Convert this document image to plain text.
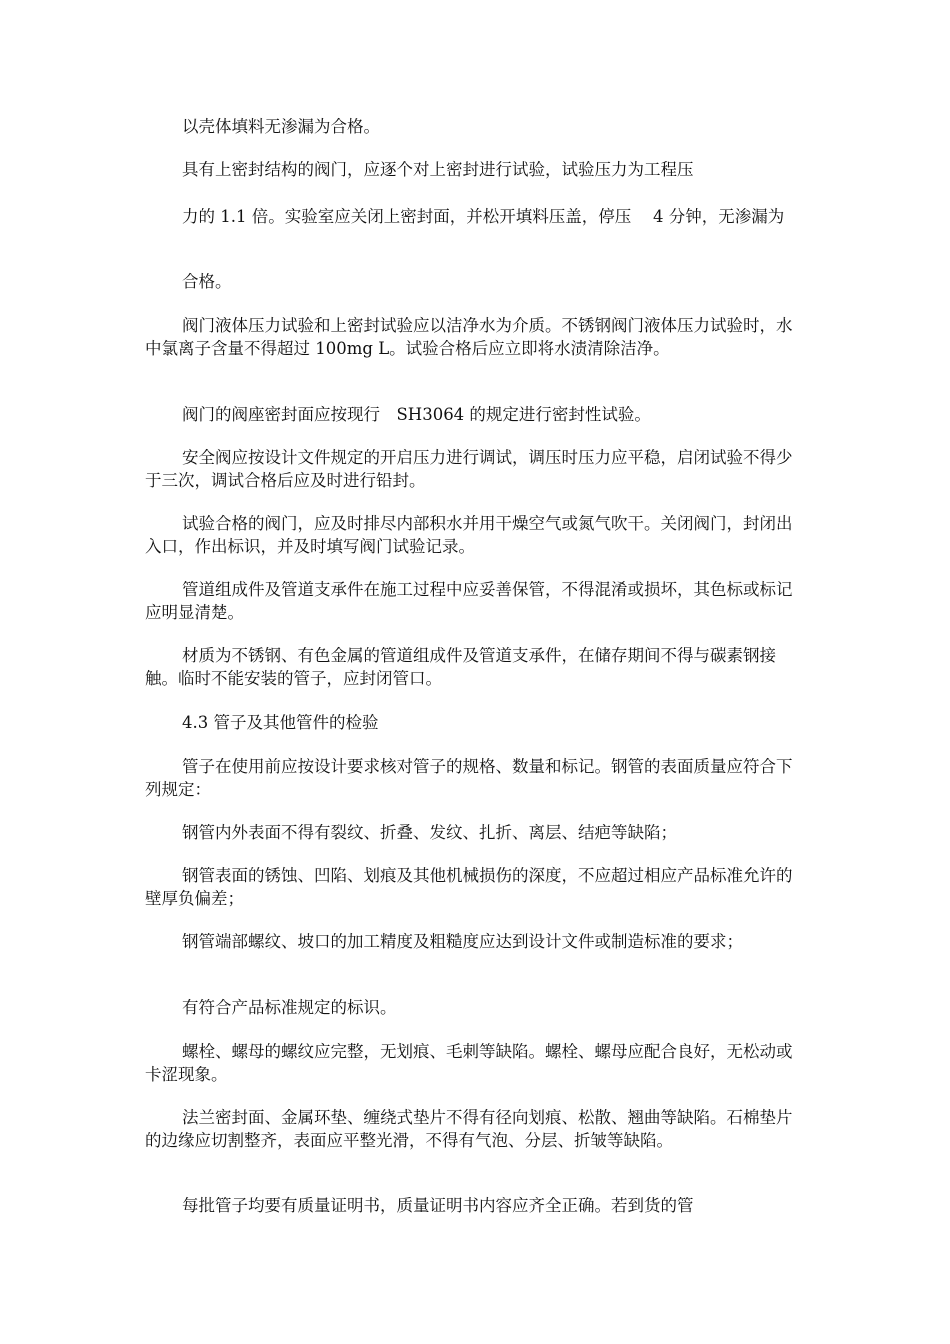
以壳体填料无渗漏为合格。

具有上密封结构的阀门，应逐个对上密封进行试验，试验压力为工程压

力的 1.1 倍。实验室应关闭上密封面，并松开填料压盖，停压　 4 分钟，无渗漏为

合格。

阀门液体压力试验和上密封试验应以洁净水为介质。不锈钢阀门液体压力试验时，水中氯离子含量不得超过 100mg L。试验合格后应立即将水渍清除洁净。

阀门的阀座密封面应按现行　SH3064 的规定进行密封性试验。

安全阀应按设计文件规定的开启压力进行调试，调压时压力应平稳，启闭试验不得少于三次，调试合格后应及时进行铅封。

试验合格的阀门，应及时排尽内部积水并用干燥空气或氮气吹干。关闭阀门，封闭出入口，作出标识，并及时填写阀门试验记录。

管道组成件及管道支承件在施工过程中应妥善保管，不得混淆或损坏，其色标或标记应明显清楚。

材质为不锈钢、有色金属的管道组成件及管道支承件，在储存期间不得与碳素钢接触。临时不能安装的管子，应封闭管口。

4.3 管子及其他管件的检验

管子在使用前应按设计要求核对管子的规格、数量和标记。钢管的表面质量应符合下列规定：

钢管内外表面不得有裂纹、折叠、发纹、扎折、离层、结疤等缺陷；

钢管表面的锈蚀、凹陷、划痕及其他机械损伤的深度，不应超过相应产品标准允许的壁厚负偏差；

钢管端部螺纹、坡口的加工精度及粗糙度应达到设计文件或制造标准的要求；

有符合产品标准规定的标识。

螺栓、螺母的螺纹应完整，无划痕、毛刺等缺陷。螺栓、螺母应配合良好，无松动或卡涩现象。

法兰密封面、金属环垫、缠绕式垫片不得有径向划痕、松散、翘曲等缺陷。石棉垫片的边缘应切割整齐，表面应平整光滑，不得有气泡、分层、折皱等缺陷。

每批管子均要有质量证明书，质量证明书内容应齐全正确。若到货的管
